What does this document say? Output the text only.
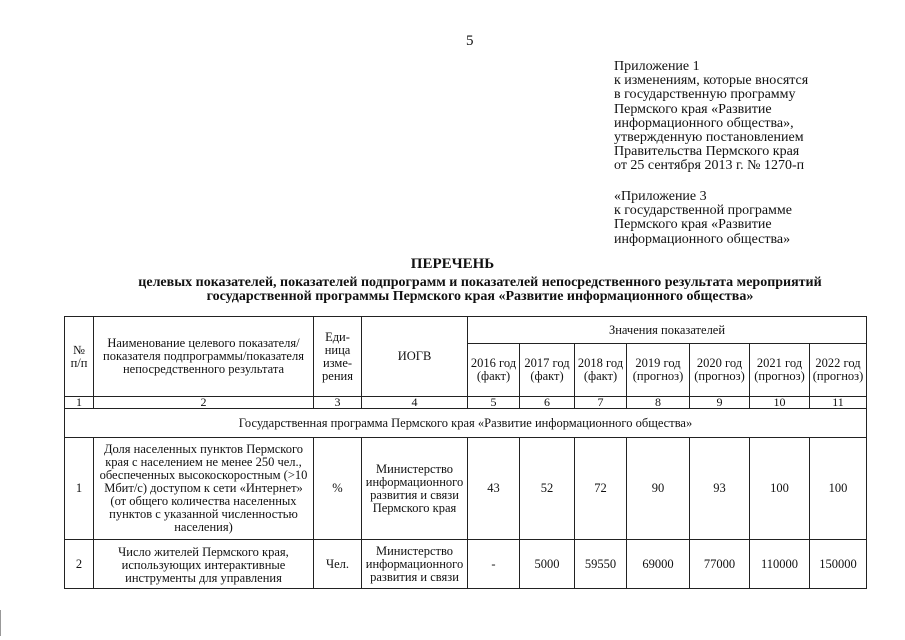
5
Приложение 1
к изменениям, которые вносятся
в государственную программу
Пермского края «Развитие
информационного общества»,
утвержденную постановлением
Правительства Пермского края
от 25 сентября 2013 г. № 1270-п
«Приложение 3
к государственной программе
Пермского края «Развитие
информационного общества»
ПЕРЕЧЕНЬ
целевых показателей, показателей подпрограмм и показателей непосредственного результата мероприятий
государственной программы Пермского края «Развитие информационного общества»
№ п/п	Наименование целевого показателя/показателя подпрограммы/показателя непосредственного результата	Еди-ница изме-рения	ИОГВ	Значения показателей						
				2016 год (факт)	2017 год (факт)	2018 год (факт)	2019 год (прогноз)	2020 год (прогноз)	2021 год (прогноз)	2022 год (прогноз)
1	2	3	4	5	6	7	8	9	10	11
Государственная программа Пермского края «Развитие информационного общества»										
1	Доля населенных пунктов Пермского края с населением не менее 250 чел., обеспеченных высокоскоростным (>10 Мбит/с) доступом к сети «Интернет» (от общего количества населенных пунктов с указанной численностью населения)	%	Министерство информационного развития и связи Пермского края	43	52	72	90	93	100	100
2	Число жителей Пермского края, использующих интерактивные инструменты для управления	Чел.	Министерство информационного развития и связи	-	5000	59550	69000	77000	110000	150000
